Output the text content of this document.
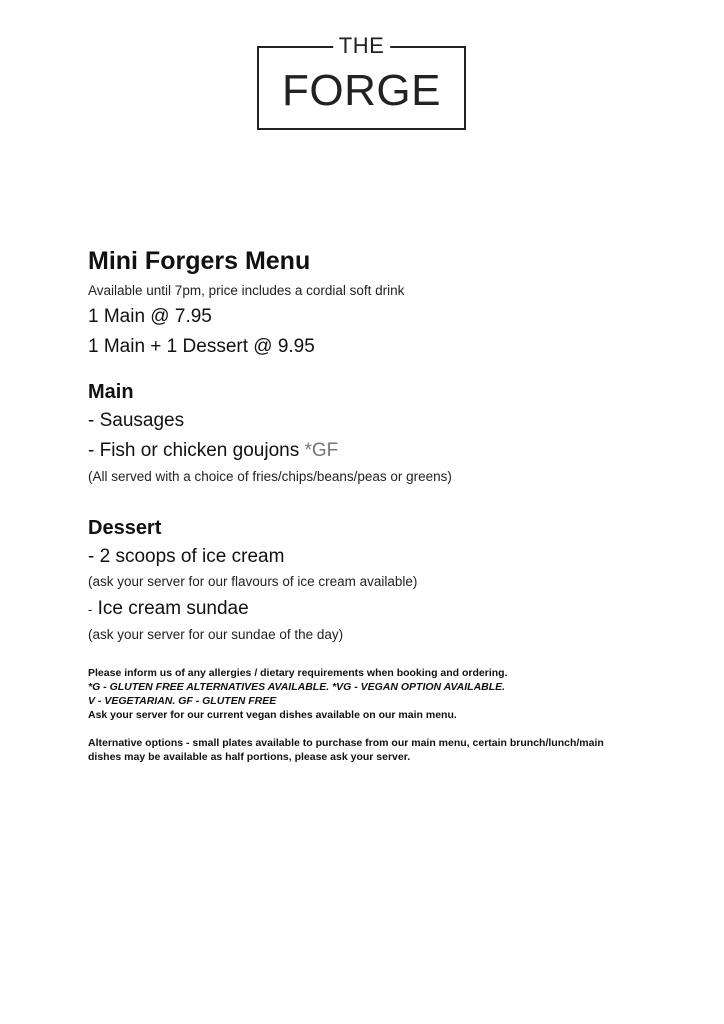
THE
FORGE
Mini Forgers Menu
Available until 7pm, price includes a cordial soft drink
1 Main @ 7.95
1 Main + 1 Dessert @ 9.95
Main
- Sausages
- Fish or chicken goujons *GF
(All served with a choice of fries/chips/beans/peas or greens)
Dessert
- 2 scoops of ice cream
(ask your server for our flavours of ice cream available)
- Ice cream sundae
(ask your server for our sundae of the day)
Please inform us of any allergies / dietary requirements when booking and ordering.
*G - GLUTEN FREE ALTERNATIVES AVAILABLE. *VG - VEGAN OPTION AVAILABLE.
V - VEGETARIAN. GF - GLUTEN FREE
Ask your server for our current vegan dishes available on our main menu.
Alternative options - small plates available to purchase from our main menu, certain brunch/lunch/main dishes may be available as half portions, please ask your server.
